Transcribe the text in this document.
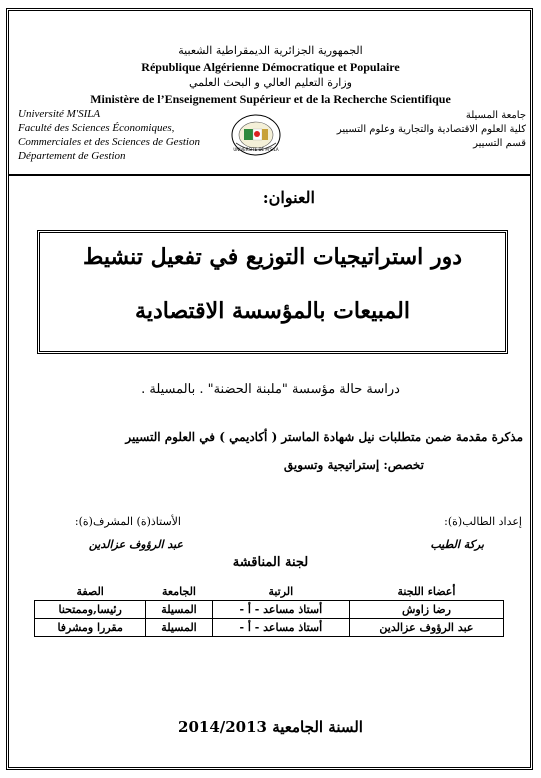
الجمهورية الجزائرية الديمقراطية الشعبية
République Algérienne Démocratique et Populaire
وزارة التعليم العالي و البحث العلمي
Ministère de l’Enseignement Supérieur et de la Recherche Scientifique
Université M'SILA
Faculté des Sciences Économiques,
Commerciales et des Sciences de Gestion
Département de Gestion
UNIVERSITE DE M'SILA
جامعة المسيلة
كلية العلوم الاقتصادية والتجارية وعلوم التسيير
قسم التسيير
العنوان:
دور استراتيجيات التوزيع في تفعيل تنشيط
المبيعات بالمؤسسة الاقتصادية
دراسة حالة مؤسسة "ملبنة الحضنة" . بالمسيلة .
مذكرة مقدمة ضمن متطلبات نيل شهادة الماستر ( أكاديمي ) في العلوم التسيير
تخصص: إستراتيجية وتسويق
إعداد الطالب(ة):
بركة الطيب
الأستاذ(ة) المشرف(ة):
عبد الرؤوف عزالدين
لجنة المناقشة
أعضاء اللجنة	الرتبة	الجامعة	الصفة
رضا زاوش	أستاذ مساعد - أ -	المسيلة	رئيسا,وممتحنا
عبد الرؤوف عزالدين	أستاذ مساعد - أ -	المسيلة	مقررا ومشرفا
السنة الجامعية 2014/2013
